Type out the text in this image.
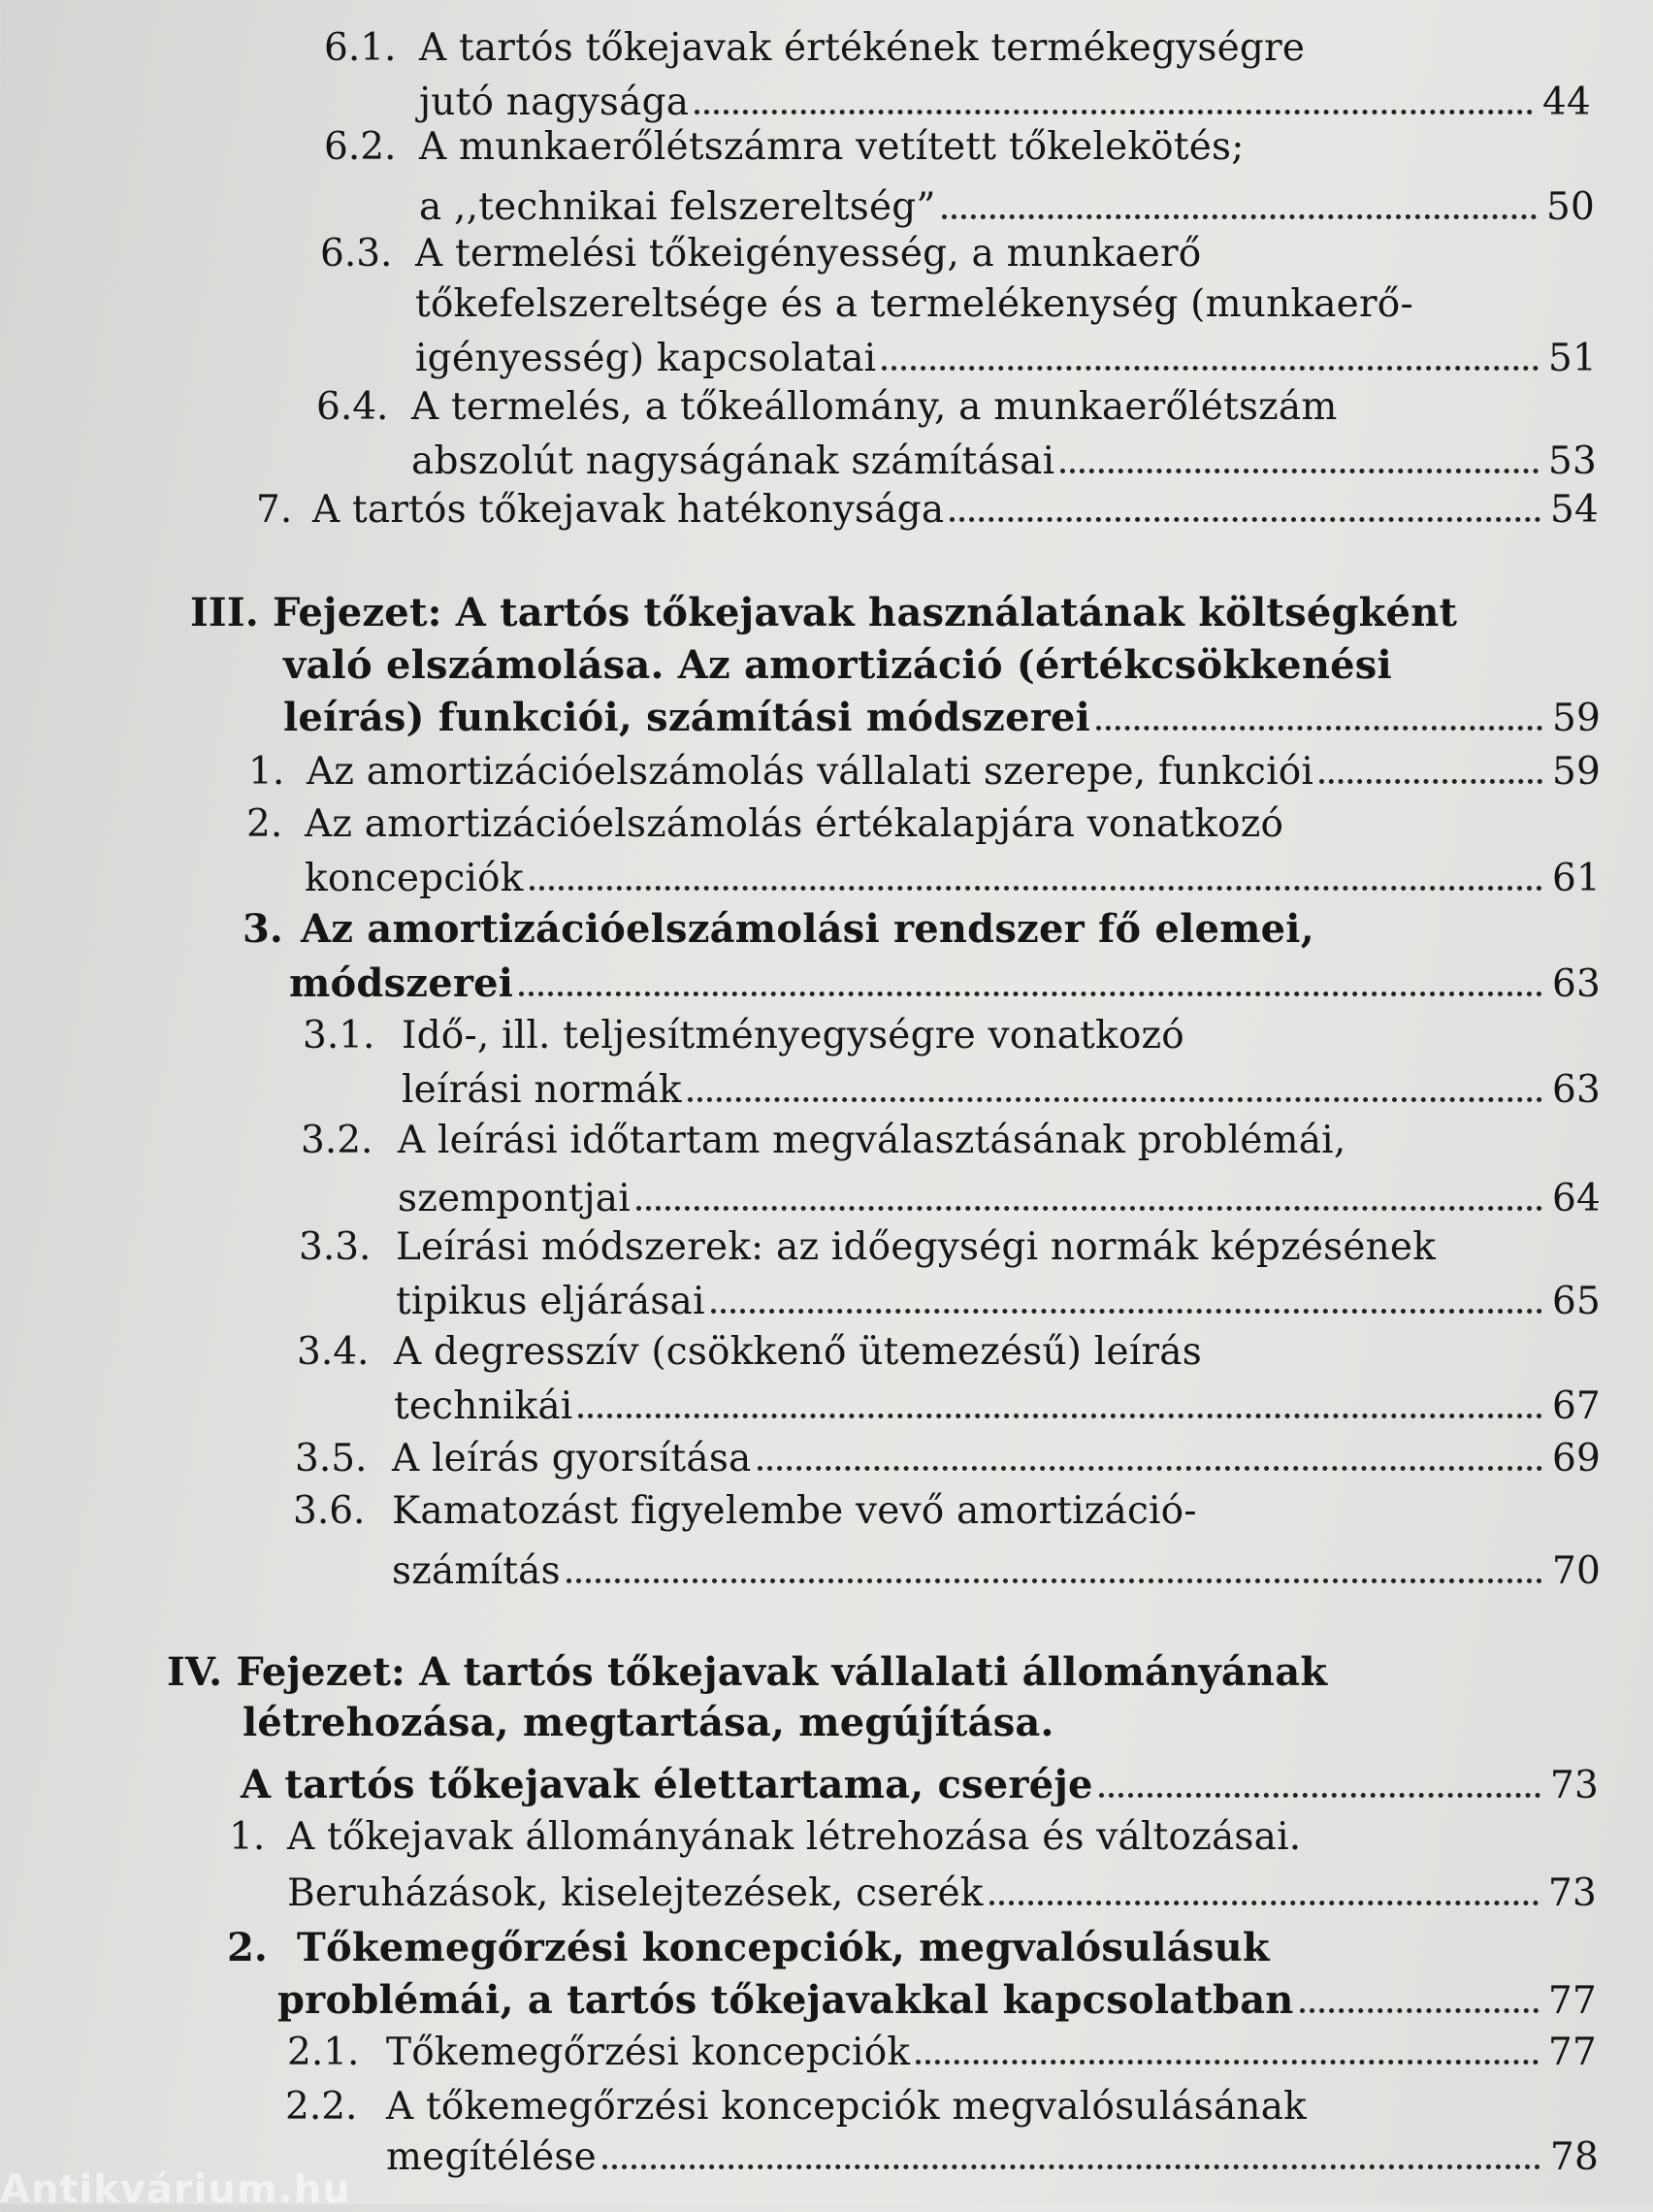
6.1. A tartós tőkejavak értékének termékegységre
jutó nagysága	44
6.2. A munkaerőlétszámra vetített tőkelekötés;
a ,,technikai felszereltség”	50
6.3. A termelési tőkeigényesség, a munkaerő
tőkefelszereltsége és a termelékenység (munkaerő-
igényesség) kapcsolatai	51
6.4. A termelés, a tőkeállomány, a munkaerőlétszám
abszolút nagyságának számításai	53
7. A tartós tőkejavak hatékonysága	54
III. Fejezet: A tartós tőkejavak használatának költségként
való elszámolása. Az amortizáció (értékcsökkenési
leírás) funkciói, számítási módszerei	59
1. Az amortizációelszámolás vállalati szerepe, funkciói	59
2. Az amortizációelszámolás értékalapjára vonatkozó
koncepciók	61
3. Az amortizációelszámolási rendszer fő elemei,
módszerei	63
3.1. Idő-, ill. teljesítményegységre vonatkozó
leírási normák	63
3.2. A leírási időtartam megválasztásának problémái,
szempontjai	64
3.3. Leírási módszerek: az időegységi normák képzésének
tipikus eljárásai	65
3.4. A degresszív (csökkenő ütemezésű) leírás
technikái	67
3.5. A leírás gyorsítása	69
3.6. Kamatozást figyelembe vevő amortizáció-
számítás	70
IV. Fejezet: A tartós tőkejavak vállalati állományának
létrehozása, megtartása, megújítása.
A tartós tőkejavak élettartama, cseréje	73
1. A tőkejavak állományának létrehozása és változásai.
Beruházások, kiselejtezések, cserék	73
2. Tőkemegőrzési koncepciók, megvalósulásuk
problémái, a tartós tőkejavakkal kapcsolatban	77
2.1. Tőkemegőrzési koncepciók	77
2.2. A tőkemegőrzési koncepciók megvalósulásának
megítélése	78
Antikvárium.hu
